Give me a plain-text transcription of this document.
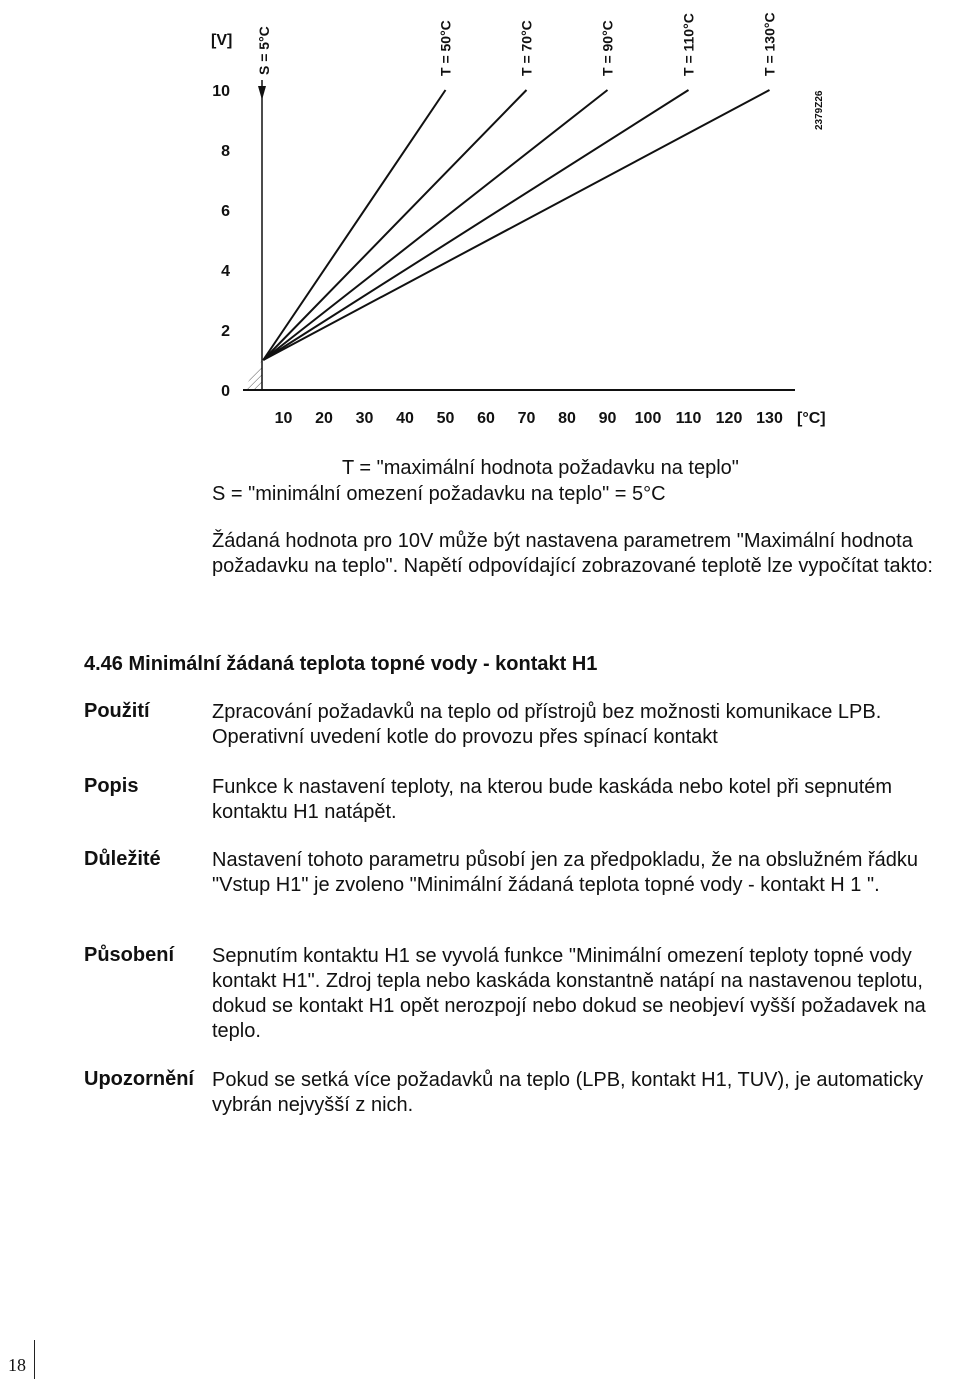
[V]
[°C]
S = 5°C
2379Z26
0
2
4
6
8
10
10 20 30 40 50 60 70 80 90 100 110 120 130
T = 50°C	T = 70°C	T = 90°C	T = 110°C	T = 130°C
T = "maximální hodnota požadavku na teplo"
S = "minimální omezení požadavku na teplo" = 5°C
Žádaná hodnota pro 10V může být nastavena parametrem "Maximální hodnota požadavku na teplo". Napětí odpovídající zobrazované teplotě lze vypočítat takto:
4.46 Minimální žádaná teplota topné vody - kontakt H1
Použití	Zpracování požadavků na teplo od přístrojů bez možnosti komunikace LPB. Operativní uvedení kotle do provozu přes spínací kontakt
Popis	Funkce k nastavení teploty, na kterou bude kaskáda nebo kotel při sepnutém kontaktu H1 natápět.
Důležité	Nastavení tohoto parametru působí jen za předpokladu, že na obslužném řádku "Vstup H1" je zvoleno "Minimální žádaná teplota topné vody - kontakt H 1 ".
Působení Sepnutím kontaktu H1 se vyvolá funkce "Minimální omezení teploty topné vody kontakt H1". Zdroj tepla nebo kaskáda konstantně natápí na nastavenou teplotu, dokud se kontakt H1 opět nerozpojí nebo dokud se neobjeví vyšší požadavek na teplo.
Upozornění Pokud se setká více požadavků na teplo (LPB, kontakt H1, TUV), je automaticky vybrán nejvyšší z nich.
18
